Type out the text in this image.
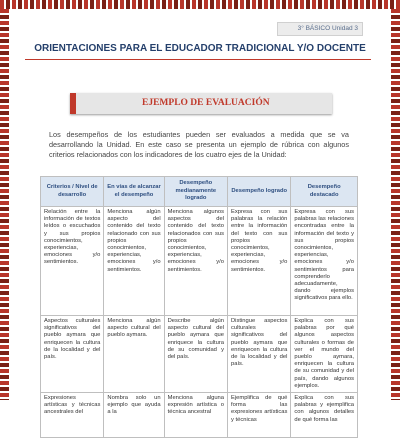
3° BÁSICO Unidad 3
ORIENTACIONES PARA EL EDUCADOR TRADICIONAL Y/O DOCENTE
EJEMPLO DE EVALUACIÓN
Los desempeños de los estudiantes pueden ser evaluados a medida que se va desarrollando la Unidad. En este caso se presenta un ejemplo de rúbrica con algunos criterios relacionados con los indicadores de los cuatro ejes de la Unidad:
Criterios / Nivel de desarrollo	En vías de alcanzar el desempeño	Desempeño medianamente logrado	Desempeño logrado	Desempeño destacado
Relación entre la información de textos leídos o escuchados y sus propios conocimientos, experiencias, emociones y/o sentimientos.	Menciona algún aspecto del contenido del texto relacionado con sus propios conocimientos, experiencias, emociones y/o sentimientos.	Menciona algunos aspectos del contenido del texto relacionados con sus propios conocimientos, experiencias, emociones y/o sentimientos.	Expresa con sus palabras la relación entre la información del texto con sus propios conocimientos, experiencias, emociones y/o sentimientos.	Expresa con sus palabras las relaciones encontradas entre la información del texto y sus propios conocimientos, experiencias, emociones y/o sentimientos para comprenderlo adecuadamente, dando ejemplos significativos para ello.
Aspectos culturales significativos del pueblo aymara que enriquecen la cultura de la localidad y del país.	Menciona algún aspecto cultural del pueblo aymara.	Describe algún aspecto cultural del pueblo aymara que enriquece la cultura de su comunidad y del país.	Distingue aspectos culturales significativos del pueblo aymara que enriquecen la cultura de la localidad y del país.	Explica con sus palabras por qué algunos aspectos culturales o formas de ver el mundo del pueblo aymara, enriquecen la cultura de su comunidad y del país, dando algunos ejemplos.
Expresiones artísticas y técnicas ancestrales del	Nombra solo un ejemplo que ayuda a la	Menciona alguna expresión artística o técnica ancestral	Ejemplifica de qué forma las expresiones artísticas y técnicas	Explica con sus palabras y ejemplifica con algunos detalles de qué forma las
